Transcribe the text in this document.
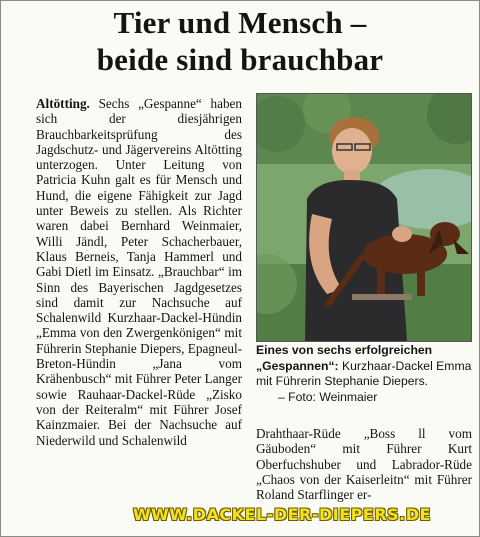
Tier und Mensch –
beide sind brauchbar
Altötting. Sechs „Gespanne“ haben sich der diesjährigen Brauchbarkeitsprüfung des Jagdschutz- und Jägervereins Altötting unterzogen. Unter Leitung von Patricia Kuhn galt es für Mensch und Hund, die eigene Fähigkeit zur Jagd unter Beweis zu stellen. Als Richter waren dabei Bernhard Weinmaier, Willi Jändl, Peter Schacherbauer, Klaus Berneis, Tanja Hammerl und Gabi Dietl im Einsatz. „Brauchbar“ im Sinn des Bayerischen Jagdgesetzes sind damit zur Nachsuche auf Schalenwild Kurzhaar-Dackel-Hündin „Emma von den Zwergenkönigen“ mit Führerin Stephanie Diepers, Epagneul-Breton-Hündin „Jana vom Krähenbusch“ mit Führer Peter Langer sowie Rauhaar-Dackel-Rüde „Zisko von der Reiteralm“ mit Führer Josef Kainzmaier. Bei der Nachsuche auf Niederwild und Schalenwild
Eines von sechs erfolgreichen „Gespannen“: Kurzhaar-Dackel Emma mit Führerin Stephanie Diepers. – Foto: Weinmaier
Drahthaar-Rüde „Boss ll vom Gäuboden“ mit Führer Kurt Oberfuchshuber und Labrador-Rüde „Chaos von der Kaiserleitn“ mit Führer Roland Starflinger er-
WWW.DACKEL-DER-DIEPERS.DE
